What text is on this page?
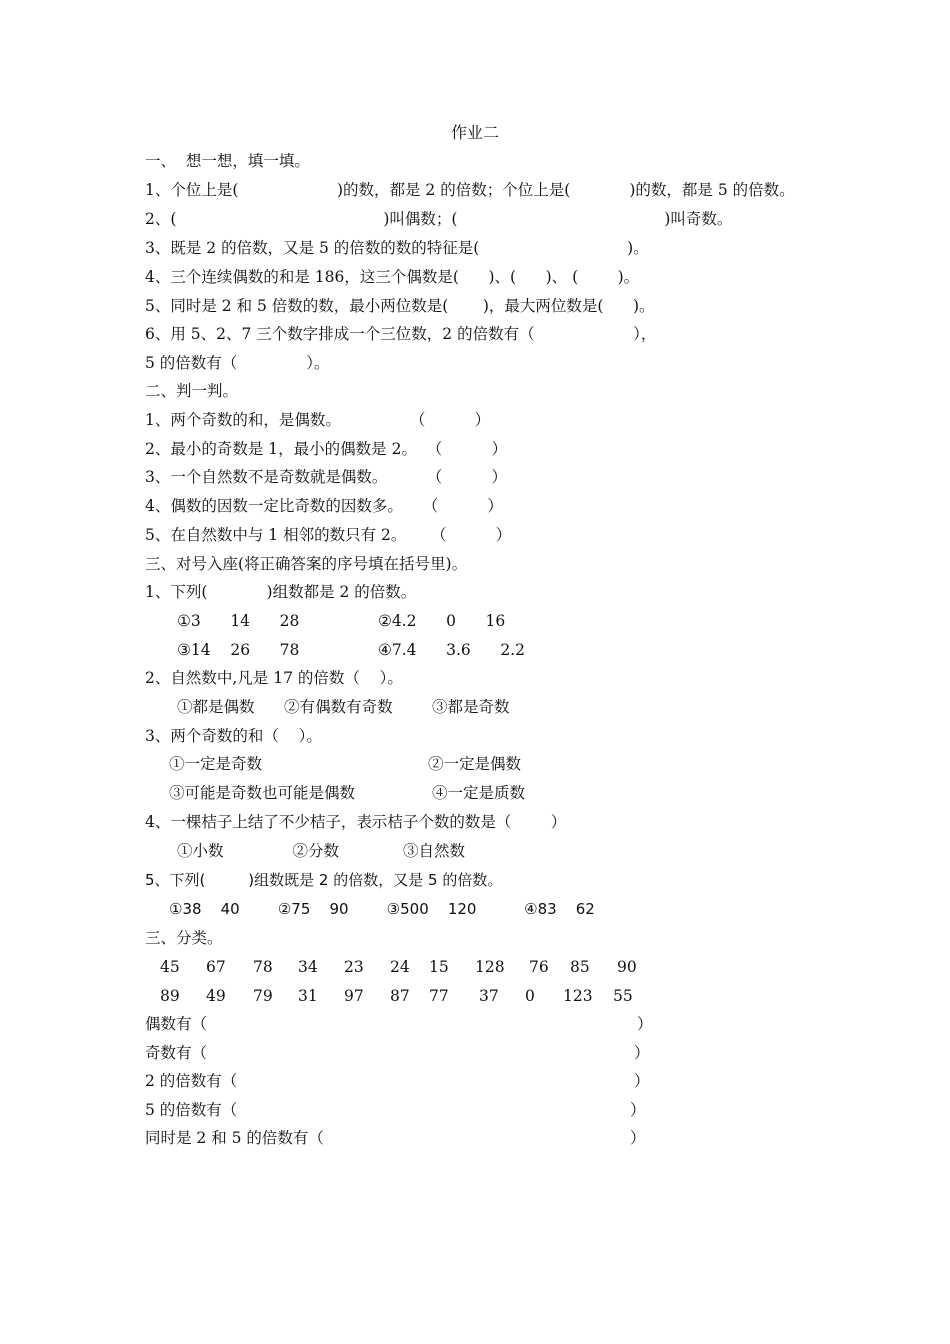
作业二
一、  想一想，填一填。
1、个位上是(                    )的数，都是 2 的倍数；个位上是(            )的数，都是 5 的倍数。
2、(                                          )叫偶数；(                                          )叫奇数。
3、既是 2 的倍数，又是 5 的倍数的数的特征是(                              )。
4、三个连续偶数的和是 186，这三个偶数是(      )、(      )、 (        )。
5、同时是 2 和 5 倍数的数，最小两位数是(       )，最大两位数是(      )。
6、用 5、2、7 三个数字排成一个三位数，2 的倍数有（                    ），
5 的倍数有（              ）。
二、判一判。
1、两个奇数的和，是偶数。              （          ）
2、最小的奇数是 1，最小的偶数是 2。  （          ）
3、一个自然数不是奇数就是偶数。        （          ）
4、偶数的因数一定比奇数的因数多。    （          ）
5、在自然数中与 1 相邻的数只有 2。     （          ）
三、对号入座(将正确答案的序号填在括号里)。
1、下列(            )组数都是 2 的倍数。
①3      14      28	②4.2      0      16
③14    26      78	④7.4      3.6      2.2
2、自然数中,凡是 17 的倍数（    ）。
①都是偶数      ②有偶数有奇数        ③都是奇数
3、两个奇数的和（    ）。
①一定是奇数	②一定是偶数
③可能是奇数也可能是偶数	④一定是质数
4、一棵桔子上结了不少桔子，表示桔子个数的数是（        ）
①小数              ②分数             ③自然数
5、下列(         )组数既是 2 的倍数，又是 5 的倍数。
①38    40        ②75    90        ③500    120          ④83    62
三、分类。
45 67 78 34 23 24 15 128 76 85 90
89 49 79 31 97 87 77 37 0 123 55
偶数有（	）
奇数有（	）
2 的倍数有（	）
5 的倍数有（	）
同时是 2 和 5 的倍数有（	）
